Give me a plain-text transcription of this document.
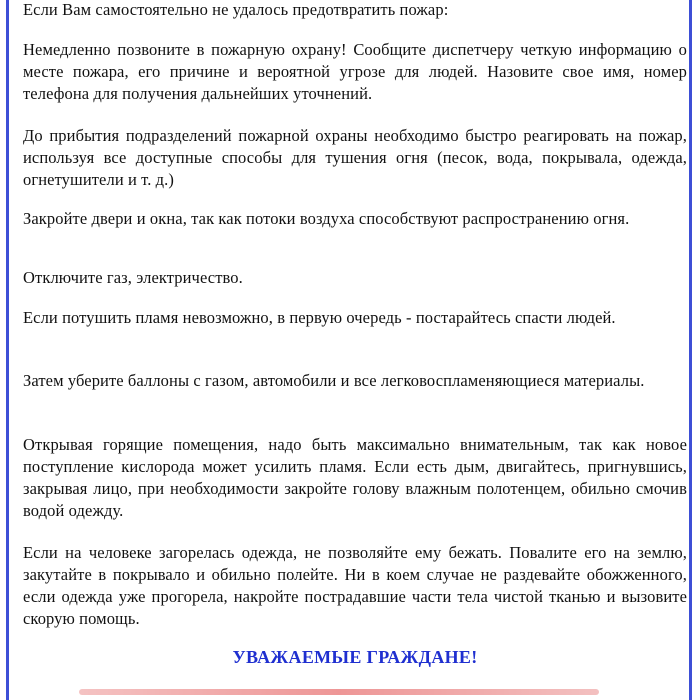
Если Вам самостоятельно не удалось предотвратить пожар:

Немедленно позвоните в пожарную охрану! Сообщите диспетчеру четкую информацию о месте пожара, его причине и вероятной угрозе для людей. Назовите свое имя, номер телефона для получения дальнейших уточнений.

До прибытия подразделений пожарной охраны необходимо быстро реагировать на пожар, используя все доступные способы для тушения огня (песок, вода, покрывала, одежда, огнетушители и т. д.)

Закройте двери и окна, так как потоки воздуха способствуют распространению огня.

Отключите газ, электричество.

Если потушить пламя невозможно, в первую очередь - постарайтесь спасти людей.

Затем уберите баллоны с газом, автомобили и все легковоспламеняющиеся материалы.

Открывая горящие помещения, надо быть максимально внимательным, так как новое поступление кислорода может усилить пламя. Если есть дым, двигайтесь, пригнувшись, закрывая лицо, при необходимости закройте голову влажным полотенцем, обильно смочив водой одежду.

Если на человеке загорелась одежда, не позволяйте ему бежать. Повалите его на землю, закутайте в покрывало и обильно полейте. Ни в коем случае не раздевайте обожженного, если одежда уже прогорела, накройте пострадавшие части тела чистой тканью и вызовите скорую помощь.

УВАЖАЕМЫЕ ГРАЖДАНЕ!
